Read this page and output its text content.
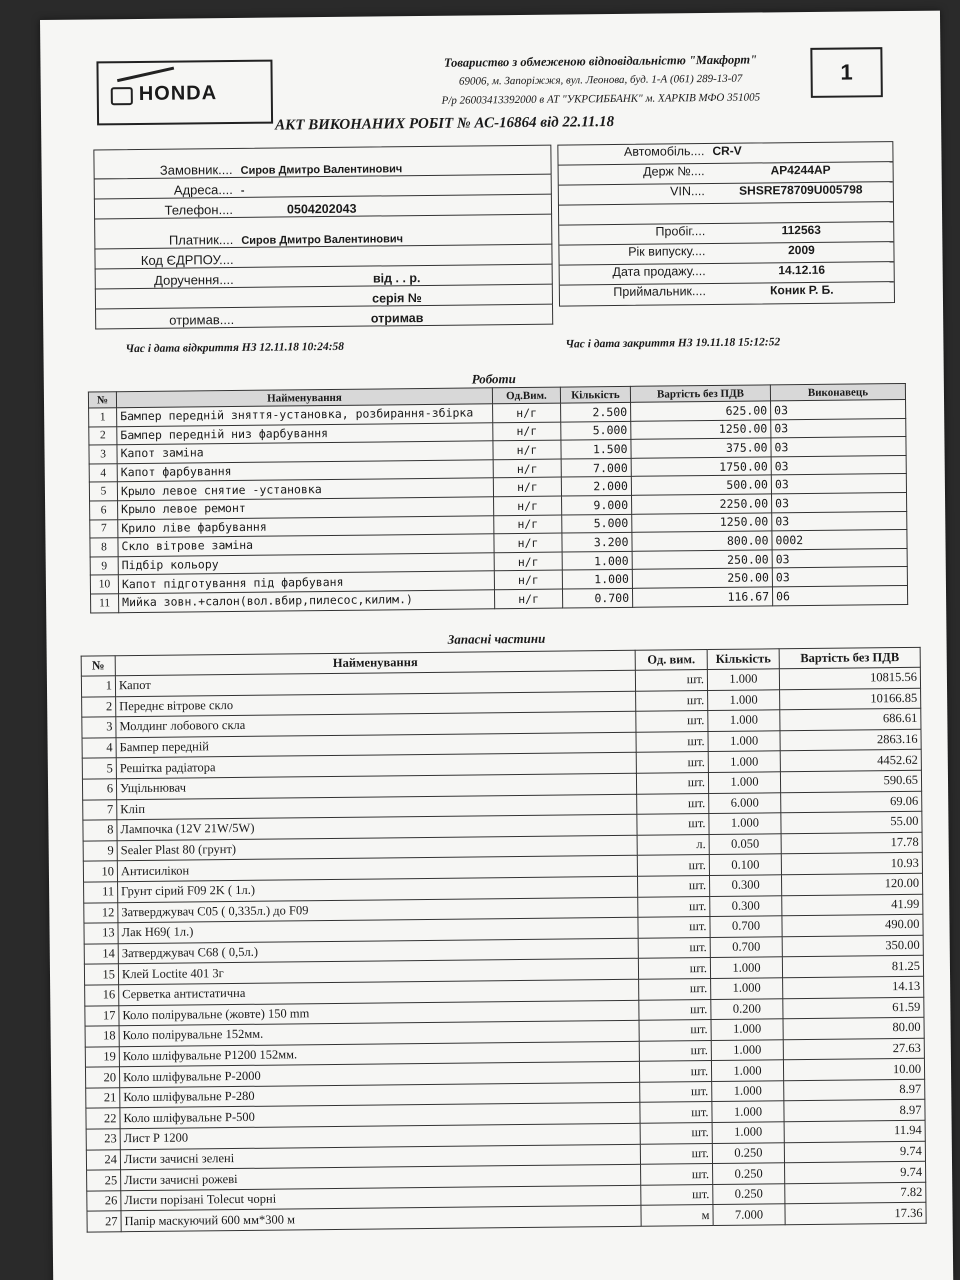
HONDA
Товариство з обмеженою відповідальністю "Макфорт"
69006, м. Запоріжжя, вул. Леонова, буд. 1-А (061) 289-13-07
Р/р 26003413392000 в АТ "УКРСИББАНК" м. ХАРКІВ МФО 351005
1
АКТ ВИКОНАНИХ РОБІТ № АС-16864 від 22.11.18
Замовник.... Сиров Дмитро Валентинович
Адреса.... -
Телефон....	0504202043
Платник.... Сиров Дмитро Валентинович
Код ЄДРПОУ....
Доручення....	від . . р.
серія №
отримав....	отримав
Автомобіль.... CR-V
Держ №....	AP4244AP
VIN....	SHSRE78709U005798
Пробіг....	112563
Рік випуску....	2009
Дата продажу....	14.12.16
Приймальник....	Коник Р. Б.
Час і дата відкриття НЗ 12.11.18 10:24:58	Час і дата закриття НЗ 19.11.18 15:12:52
Роботи
№	Найменування	Од.Вим.	Кількість	Вартість без ПДВ	Виконавець
1	Бампер передній зняття-установка, розбирання-збірка	н/г	2.500	625.00	03
2	Бампер передній низ фарбування	н/г	5.000	1250.00	03
3	Капот заміна	н/г	1.500	375.00	03
4	Капот фарбування	н/г	7.000	1750.00	03
5	Крыло левое снятие -установка	н/г	2.000	500.00	03
6	Крыло левое ремонт	н/г	9.000	2250.00	03
7	Крило ліве фарбування	н/г	5.000	1250.00	03
8	Скло вітрове заміна	н/г	3.200	800.00	0002
9	Підбір кольору	н/г	1.000	250.00	03
10	Капот підготування під фарбуваня	н/г	1.000	250.00	03
11	Мийка зовн.+салон(вол.вбир,пилесос,килим.)	н/г	0.700	116.67	06
Запасні частини
№	Найменування	Од. вим.	Кількість	Вартість без ПДВ
1	Капот	шт.	1.000	10815.56
2	Переднє вітрове скло	шт.	1.000	10166.85
3	Молдинг лобового скла	шт.	1.000	686.61
4	Бампер передній	шт.	1.000	2863.16
5	Решітка радіатора	шт.	1.000	4452.62
6	Ущільнювач	шт.	1.000	590.65
7	Кліп	шт.	6.000	69.06
8	Лампочка (12V 21W/5W)	шт.	1.000	55.00
9	Sealer Plast 80 (грунт)	л.	0.050	17.78
10	Антисилікон	шт.	0.100	10.93
11	Грунт сірий F09 2K ( 1л.)	шт.	0.300	120.00
12	Затверджувач С05 ( 0,335л.) до F09	шт.	0.300	41.99
13	Лак Н69( 1л.)	шт.	0.700	490.00
14	Затверджувач С68 ( 0,5л.)	шт.	0.700	350.00
15	Клей Loctite 401 3г	шт.	1.000	81.25
16	Серветка антистатична	шт.	1.000	14.13
17	Коло полірувальне (жовте) 150 mm	шт.	0.200	61.59
18	Коло полірувальне 152мм.	шт.	1.000	80.00
19	Коло шліфувальне Р1200 152мм.	шт.	1.000	27.63
20	Коло шліфувальне Р-2000	шт.	1.000	10.00
21	Коло шліфувальне Р-280	шт.	1.000	8.97
22	Коло шліфувальне Р-500	шт.	1.000	8.97
23	Лист Р 1200	шт.	1.000	11.94
24	Листи зачисні зелені	шт.	0.250	9.74
25	Листи зачисні рожеві	шт.	0.250	9.74
26	Листи порізані Tolecut чорні	шт.	0.250	7.82
27	Папір маскуючий 600 мм*300 м	м	7.000	17.36
